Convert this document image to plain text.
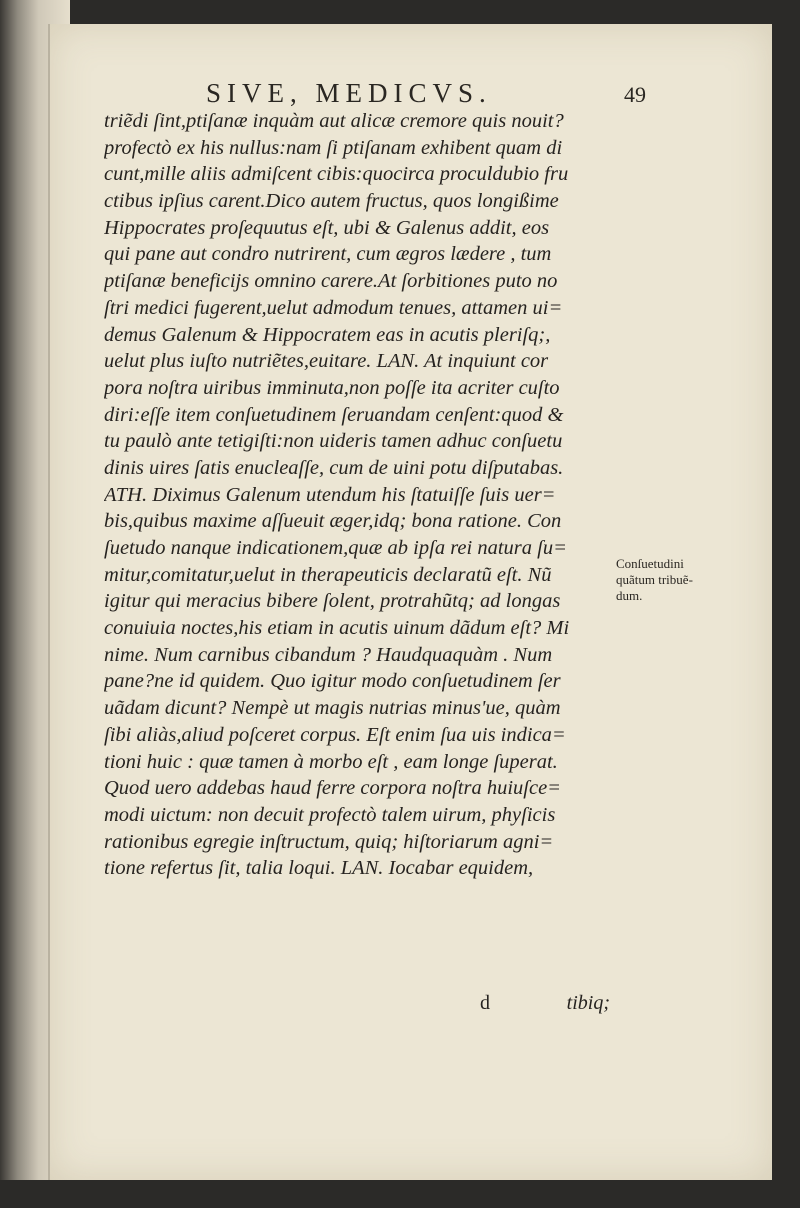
SIVE, MEDICVS.	49
triẽdi ſint,ptiſanæ inquàm aut alicæ cremore quis nouit?
profectò ex his nullus:nam ſi ptiſanam exhibent quam di
cunt,mille aliis admiſcent cibis:quocirca proculdubio fru
ctibus ipſius carent.Dico autem fructus, quos longißime
Hippocrates proſequutus eſt, ubi & Galenus addit, eos
qui pane aut condro nutrirent, cum ægros lædere , tum
ptiſanæ beneficijs omnino carere.At ſorbitiones puto no
ſtri medici fugerent,uelut admodum tenues, attamen ui=
demus Galenum & Hippocratem eas in acutis pleriſq;,
uelut plus iuſto nutriẽtes,euitare. LAN. At inquiunt cor
pora noſtra uiribus imminuta,non poſſe ita acriter cuſto
diri:eſſe item conſuetudinem ſeruandam cenſent:quod &
tu paulò ante tetigiſti:non uideris tamen adhuc conſuetu
dinis uires ſatis enucleaſſe, cum de uini potu diſputabas.
ATH. Diximus Galenum utendum his ſtatuiſſe ſuis uer=
bis,quibus maxime aſſueuit æger,idq; bona ratione. Con
ſuetudo nanque indicationem,quæ ab ipſa rei natura ſu=
mitur,comitatur,uelut in therapeuticis declaratũ eſt. Nũ
igitur qui meracius bibere ſolent, protrahũtq; ad longas
conuiuia noctes,his etiam in acutis uinum dãdum eſt? Mi
nime. Num carnibus cibandum ? Haudquaquàm . Num
pane?ne id quidem. Quo igitur modo conſuetudinem ſer
uãdam dicunt? Nempè ut magis nutrias minus'ue, quàm
ſibi aliàs,aliud poſceret corpus. Eſt enim ſua uis indica=
tioni huic : quæ tamen à morbo eſt , eam longe ſuperat.
Quod uero addebas haud ferre corpora noſtra huiuſce=
modi uictum: non decuit profectò talem uirum, phyſicis
rationibus egregie inſtructum, quiq; hiſtoriarum agni=
tione refertus ſit, talia loqui. LAN. Iocabar equidem,
Conſuetudini
quãtum tribuẽ-
dum.
d	tibiq;
